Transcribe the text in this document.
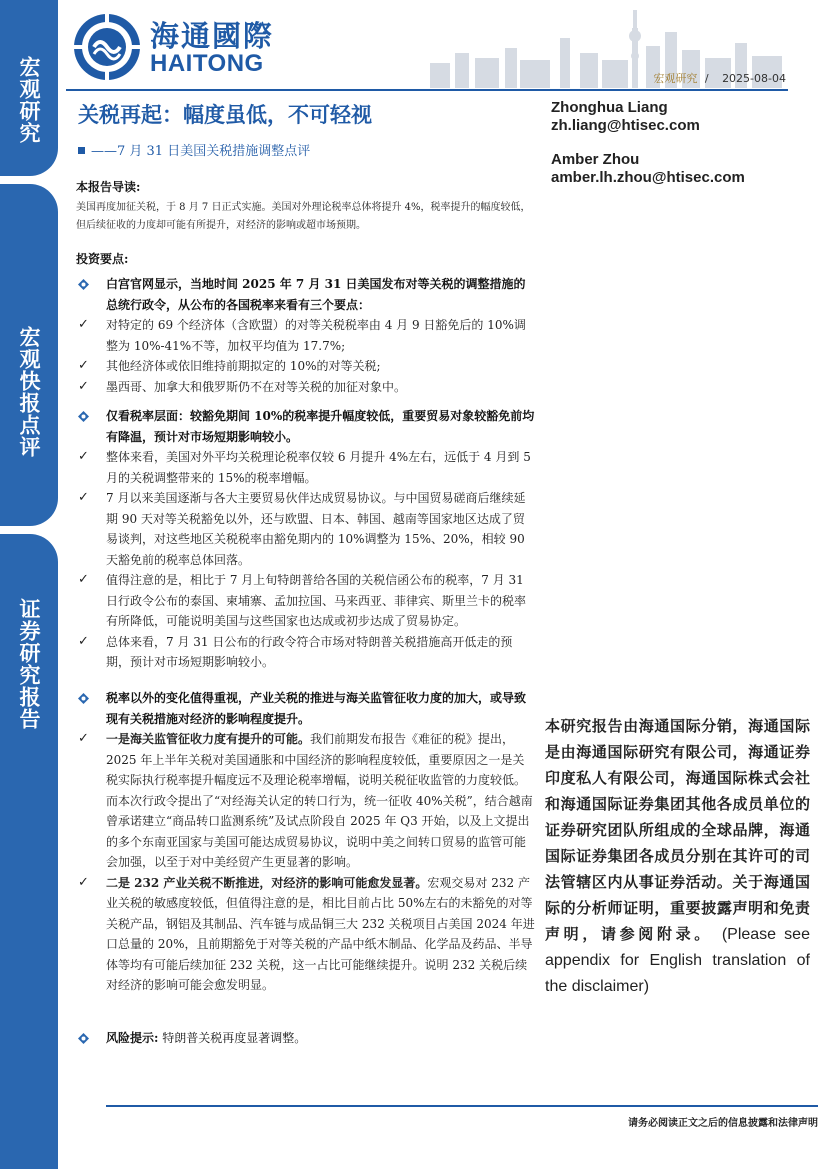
宏观研究
宏观快报点评
证券研究报告
海通國際
HAITONG
宏观研究 / 2025-08-04
关税再起：幅度虽低，不可轻视
——7 月 31 日美国关税措施调整点评
Zhonghua Liang
zh.liang@htisec.com
Amber Zhou
amber.lh.zhou@htisec.com
本报告导读:
美国再度加征关税，于 8 月 7 日正式实施。美国对外理论税率总体将提升 4%，税率提升的幅度较低，但后续征收的力度却可能有所提升，对经济的影响或超市场预期。
投资要点:
白宫官网显示，当地时间 2025 年 7 月 31 日美国发布对等关税的调整措施的总统行政令，从公布的各国税率来看有三个要点：
✓ 对特定的 69 个经济体（含欧盟）的对等关税税率由 4 月 9 日豁免后的 10%调整为 10%-41%不等，加权平均值为 17.7%;
✓ 其他经济体或依旧维持前期拟定的 10%的对等关税;
✓ 墨西哥、加拿大和俄罗斯仍不在对等关税的加征对象中。
仅看税率层面：较豁免期间 10%的税率提升幅度较低，重要贸易对象较豁免前均有降温，预计对市场短期影响较小。
✓ 整体来看，美国对外平均关税理论税率仅较 6 月提升 4%左右，远低于 4 月到 5 月的关税调整带来的 15%的税率增幅。
✓ 7 月以来美国逐渐与各大主要贸易伙伴达成贸易协议。与中国贸易磋商后继续延期 90 天对等关税豁免以外，还与欧盟、日本、韩国、越南等国家地区达成了贸易谈判，对这些地区关税税率由豁免期内的 10%调整为 15%、20%，相较 90 天豁免前的税率总体回落。
✓ 值得注意的是，相比于 7 月上旬特朗普给各国的关税信函公布的税率，7 月 31 日行政令公布的泰国、柬埔寨、孟加拉国、马来西亚、菲律宾、斯里兰卡的税率有所降低，可能说明美国与这些国家也达成或初步达成了贸易协定。
✓ 总体来看，7 月 31 日公布的行政令符合市场对特朗普关税措施高开低走的预期，预计对市场短期影响较小。
税率以外的变化值得重视，产业关税的推进与海关监管征收力度的加大，或导致现有关税措施对经济的影响程度提升。
✓ 一是海关监管征收力度有提升的可能。我们前期发布报告《难征的税》提出，2025 年上半年关税对美国通胀和中国经济的影响程度较低，重要原因之一是关税实际执行税率提升幅度远不及理论税率增幅，说明关税征收监管的力度较低。而本次行政令提出了“对经海关认定的转口行为，统一征收 40%关税”，结合越南曾承诺建立“商品转口监测系统”及试点阶段自 2025 年 Q3 开始，以及上文提出的多个东南亚国家与美国可能达成贸易协议，说明中美之间转口贸易的监管可能会加强，以至于对中美经贸产生更显著的影响。
✓ 二是 232 产业关税不断推进，对经济的影响可能愈发显著。宏观交易对 232 产业关税的敏感度较低，但值得注意的是，相比目前占比 50%左右的未豁免的对等关税产品，钢铝及其制品、汽车链与成品铜三大 232 关税项目占美国 2024 年进口总量的 20%，且前期豁免于对等关税的产品中纸木制品、化学品及药品、半导体等均有可能后续加征 232 关税，这一占比可能继续提升。说明 232 关税后续对经济的影响可能会愈发明显。
风险提示: 特朗普关税再度显著调整。
本研究报告由海通国际分销，海通国际是由海通国际研究有限公司，海通证券印度私人有限公司，海通国际株式会社和海通国际证券集团其他各成员单位的证券研究团队所组成的全球品牌，海通国际证券集团各成员分别在其许可的司法管辖区内从事证券活动。关于海通国际的分析师证明，重要披露声明和免责声明，请参阅附录。 (Please see appendix for English translation of the disclaimer)
请务必阅读正文之后的信息披露和法律声明
